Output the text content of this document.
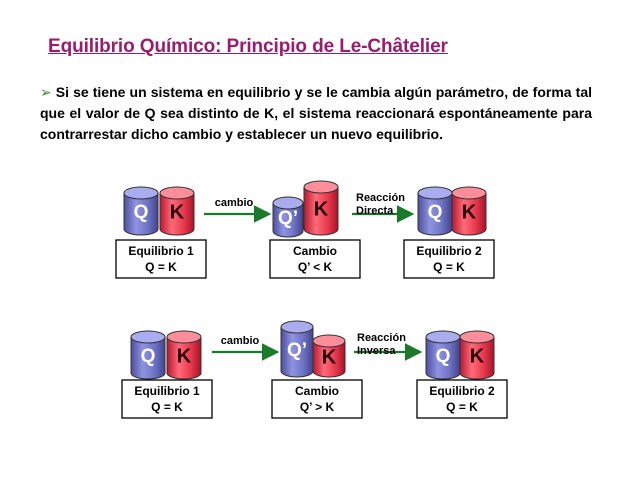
Equilibrio Químico: Principio de Le-Châtelier

➢ Si se tiene un sistema en equilibrio y se le cambia algún parámetro, de forma tal que el valor de Q sea distinto de K, el sistema reaccionará espontáneamente para contrarrestar dicho cambio y establecer un nuevo equilibrio.

Q K
Equilibrio 1
Q = K
Q’ K
Cambio
Q’ < K
Q K
Equilibrio 2
Q = K
cambio	Reacción
Directa
Q K
Equilibrio 1
Q = K
Q’ K
Cambio
Q’ > K
Q K
Equilibrio 2
Q = K
cambio	Reacción
Inversa
